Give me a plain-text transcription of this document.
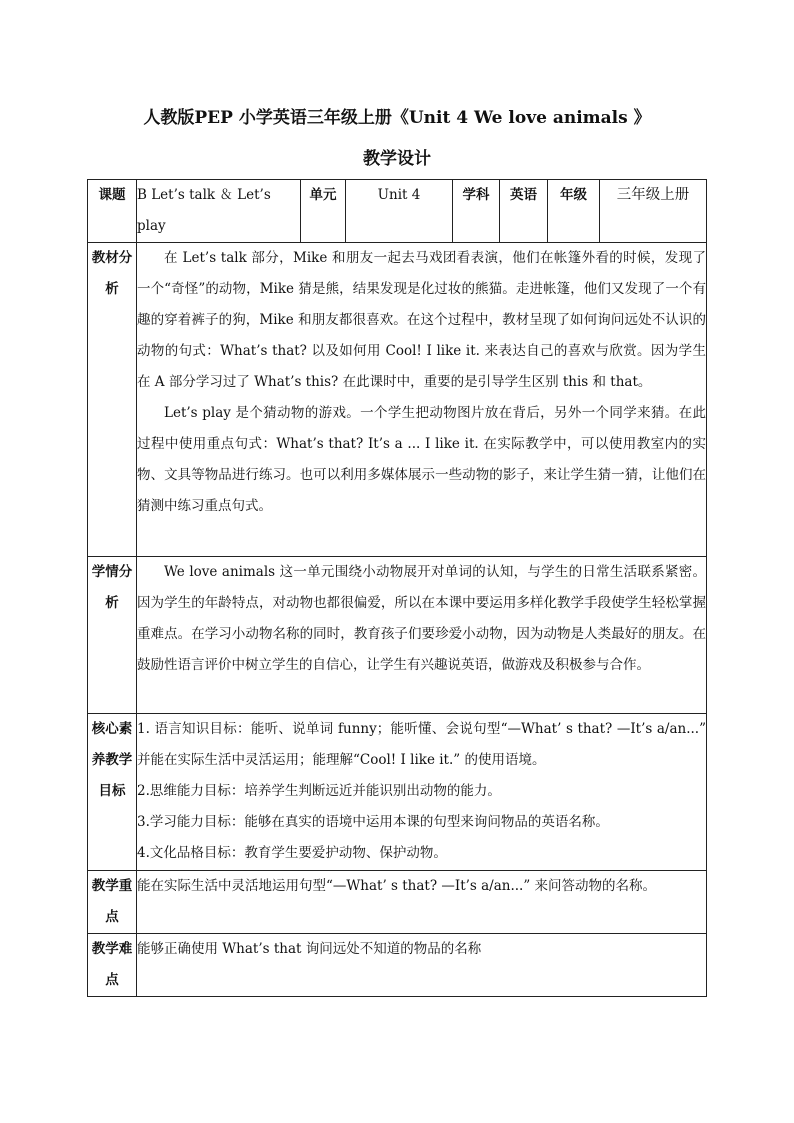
人教版PEP 小学英语三年级上册《Unit 4 We love animals 》
教学设计
课题	B Let’s talk ＆ Let’s play	单元	Unit 4	学科	英语	年级	三年级上册
教材分析	在 Let’s talk 部分，Mike 和朋友一起去马戏团看表演，他们在帐篷外看的时候，发现了一个“奇怪”的动物，Mike 猜是熊，结果发现是化过妆的熊猫。走进帐篷，他们又发现了一个有趣的穿着裤子的狗，Mike 和朋友都很喜欢。在这个过程中，教材呈现了如何询问远处不认识的动物的句式：What’s that? 以及如何用 Cool! I like it. 来表达自己的喜欢与欣赏。因为学生在 A 部分学习过了 What’s this? 在此课时中，重要的是引导学生区别 this 和 that。

Let’s play 是个猜动物的游戏。一个学生把动物图片放在背后，另外一个同学来猜。在此过程中使用重点句式：What’s that? It’s a ... I like it. 在实际教学中，可以使用教室内的实物、文具等物品进行练习。也可以利用多媒体展示一些动物的影子，来让学生猜一猜，让他们在猜测中练习重点句式。						

学情分析	We love animals 这一单元围绕小动物展开对单词的认知，与学生的日常生活联系紧密。因为学生的年龄特点，对动物也都很偏爱，所以在本课中要运用多样化教学手段使学生轻松掌握重难点。在学习小动物名称的同时，教育孩子们要珍爱小动物，因为动物是人类最好的朋友。在鼓励性语言评价中树立学生的自信心，让学生有兴趣说英语，做游戏及积极参与合作。						

核心素养教学目标	1. 语言知识目标：能听、说单词 funny；能听懂、会说句型“—What’ s that? —It’s a/an...” 并能在实际生活中灵活运用；能理解“Cool! I like it.” 的使用语境。

2.思维能力目标：培养学生判断远近并能识别出动物的能力。

3.学习能力目标：能够在真实的语境中运用本课的句型来询问物品的英语名称。

4.文化品格目标：教育学生要爱护动物、保护动物。						

教学重点	能在实际生活中灵活地运用句型“—What’ s that? —It’s a/an...” 来问答动物的名称。						
教学难点	能够正确使用 What’s that 询问远处不知道的物品的名称						
